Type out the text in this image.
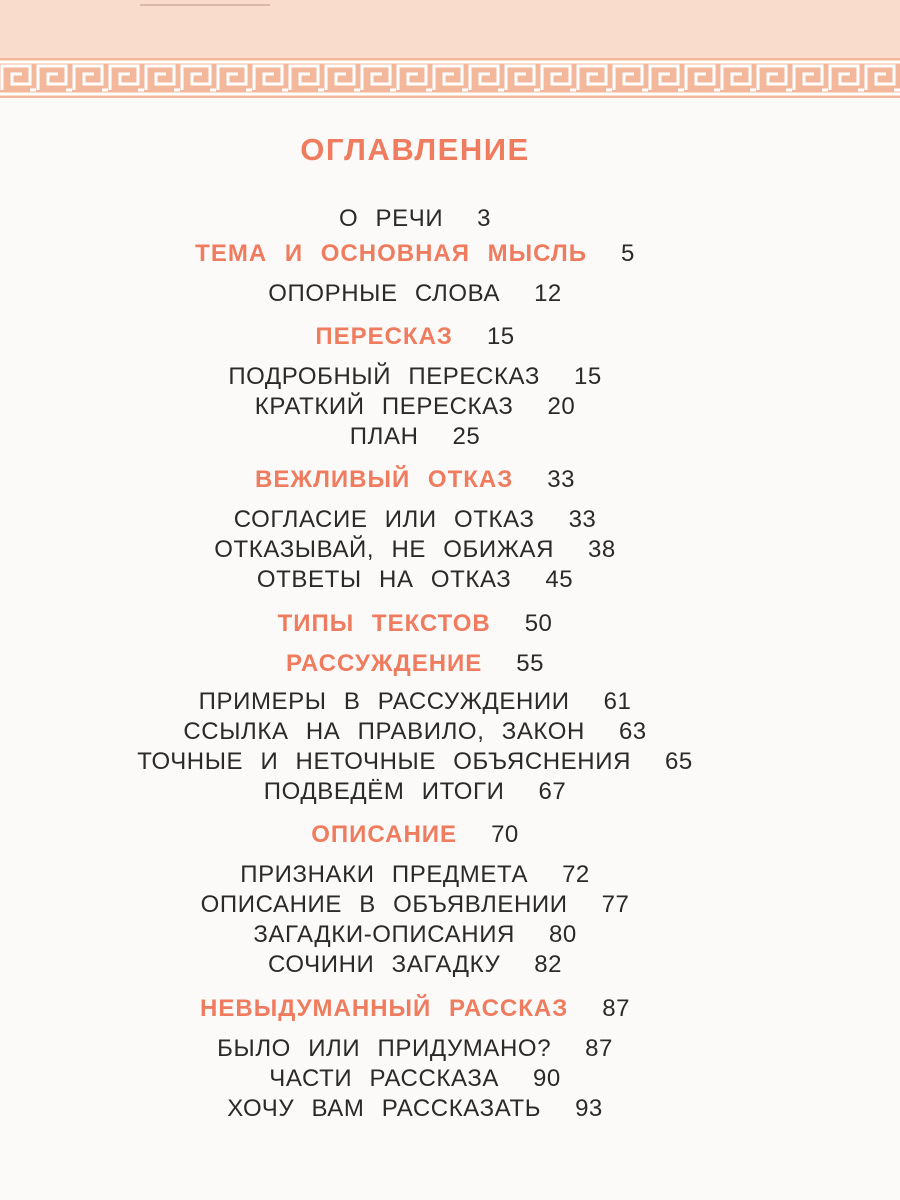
ОГЛАВЛЕНИЕ
О РЕЧИ 3
ТЕМА И ОСНОВНАЯ МЫСЛЬ 5
ОПОРНЫЕ СЛОВА 12
ПЕРЕСКАЗ 15
ПОДРОБНЫЙ ПЕРЕСКАЗ 15
КРАТКИЙ ПЕРЕСКАЗ 20
ПЛАН 25
ВЕЖЛИВЫЙ ОТКАЗ 33
СОГЛАСИЕ ИЛИ ОТКАЗ 33
ОТКАЗЫВАЙ, НЕ ОБИЖАЯ 38
ОТВЕТЫ НА ОТКАЗ 45
ТИПЫ ТЕКСТОВ 50
РАССУЖДЕНИЕ 55
ПРИМЕРЫ В РАССУЖДЕНИИ 61
ССЫЛКА НА ПРАВИЛО, ЗАКОН 63
ТОЧНЫЕ И НЕТОЧНЫЕ ОБЪЯСНЕНИЯ 65
ПОДВЕДЁМ ИТОГИ 67
ОПИСАНИЕ 70
ПРИЗНАКИ ПРЕДМЕТА 72
ОПИСАНИЕ В ОБЪЯВЛЕНИИ 77
ЗАГАДКИ-ОПИСАНИЯ 80
СОЧИНИ ЗАГАДКУ 82
НЕВЫДУМАННЫЙ РАССКАЗ 87
БЫЛО ИЛИ ПРИДУМАНО? 87
ЧАСТИ РАССКАЗА 90
ХОЧУ ВАМ РАССКАЗАТЬ 93
